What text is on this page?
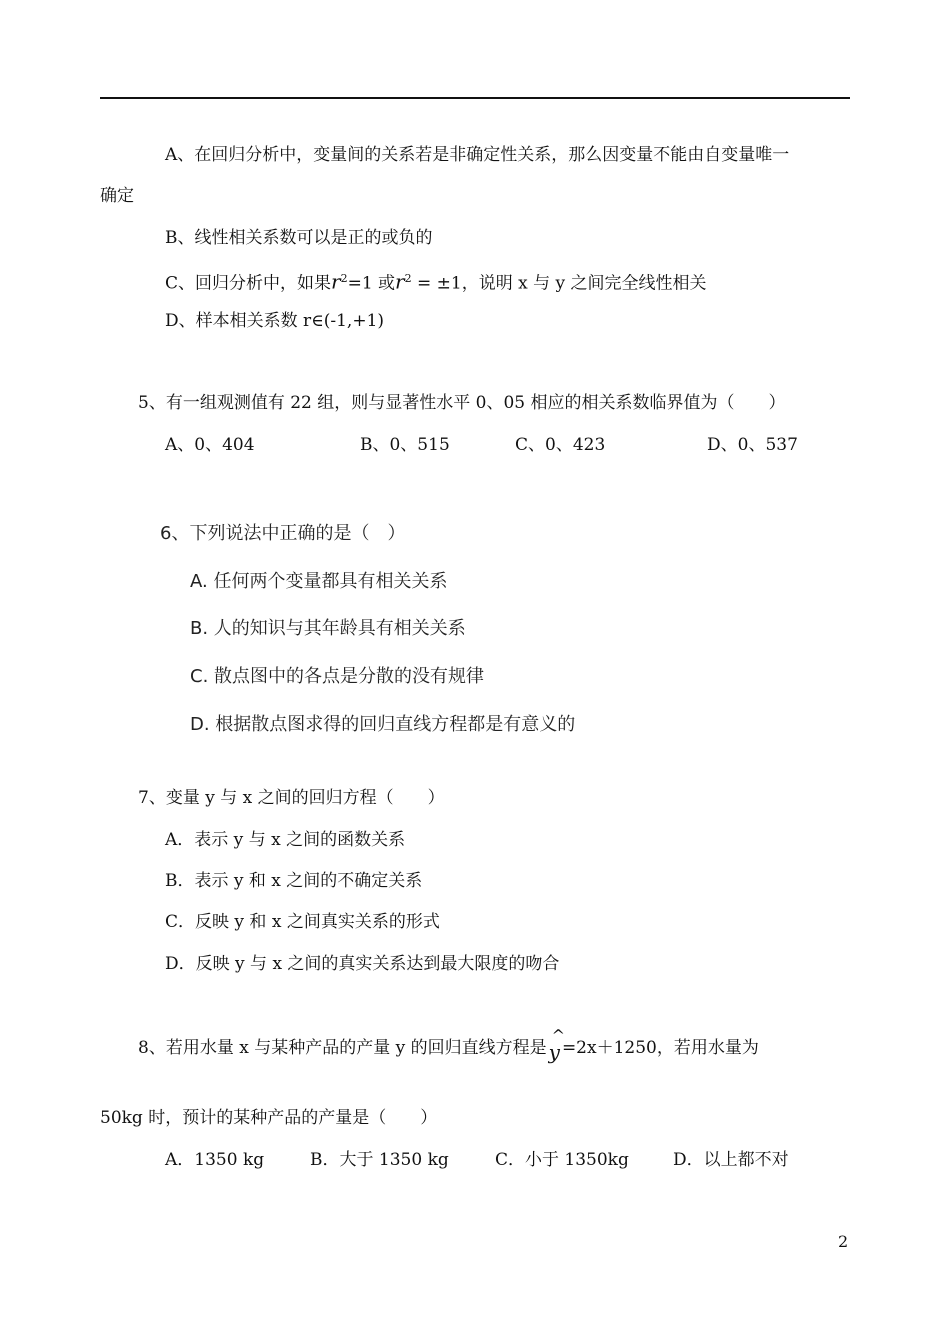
A、在回归分析中，变量间的关系若是非确定性关系，那么因变量不能由自变量唯一
确定
B、线性相关系数可以是正的或负的
C、回归分析中，如果$r^2=1$ 或$r^2 = \pm 1$，说明 x 与 y 之间完全线性相关
D、样本相关系数 r∈(-1,+1)
5、有一组观测值有 22 组，则与显著性水平 0、05 相应的相关系数临界值为（　　）
A、0、404	B、0、515	C、0、423	D、0、537
6、下列说法中正确的是（　）
A. 任何两个变量都具有相关关系
B. 人的知识与其年龄具有相关关系
C. 散点图中的各点是分散的没有规律
D. 根据散点图求得的回归直线方程都是有意义的
7、变量 y 与 x 之间的回归方程（　　）
A．表示 y 与 x 之间的函数关系
B．表示 y 和 x 之间的不确定关系
C．反映 y 和 x 之间真实关系的形式
D．反映 y 与 x 之间的真实关系达到最大限度的吻合
8、若用水量 x 与某种产品的产量 y 的回归直线方程是
^
y =2x＋1250，若用水量为
50kg 时，预计的某种产品的产量是（　　）
A．1350 kg	B．大于 1350 kg	C．小于 1350kg	D．以上都不对
2
